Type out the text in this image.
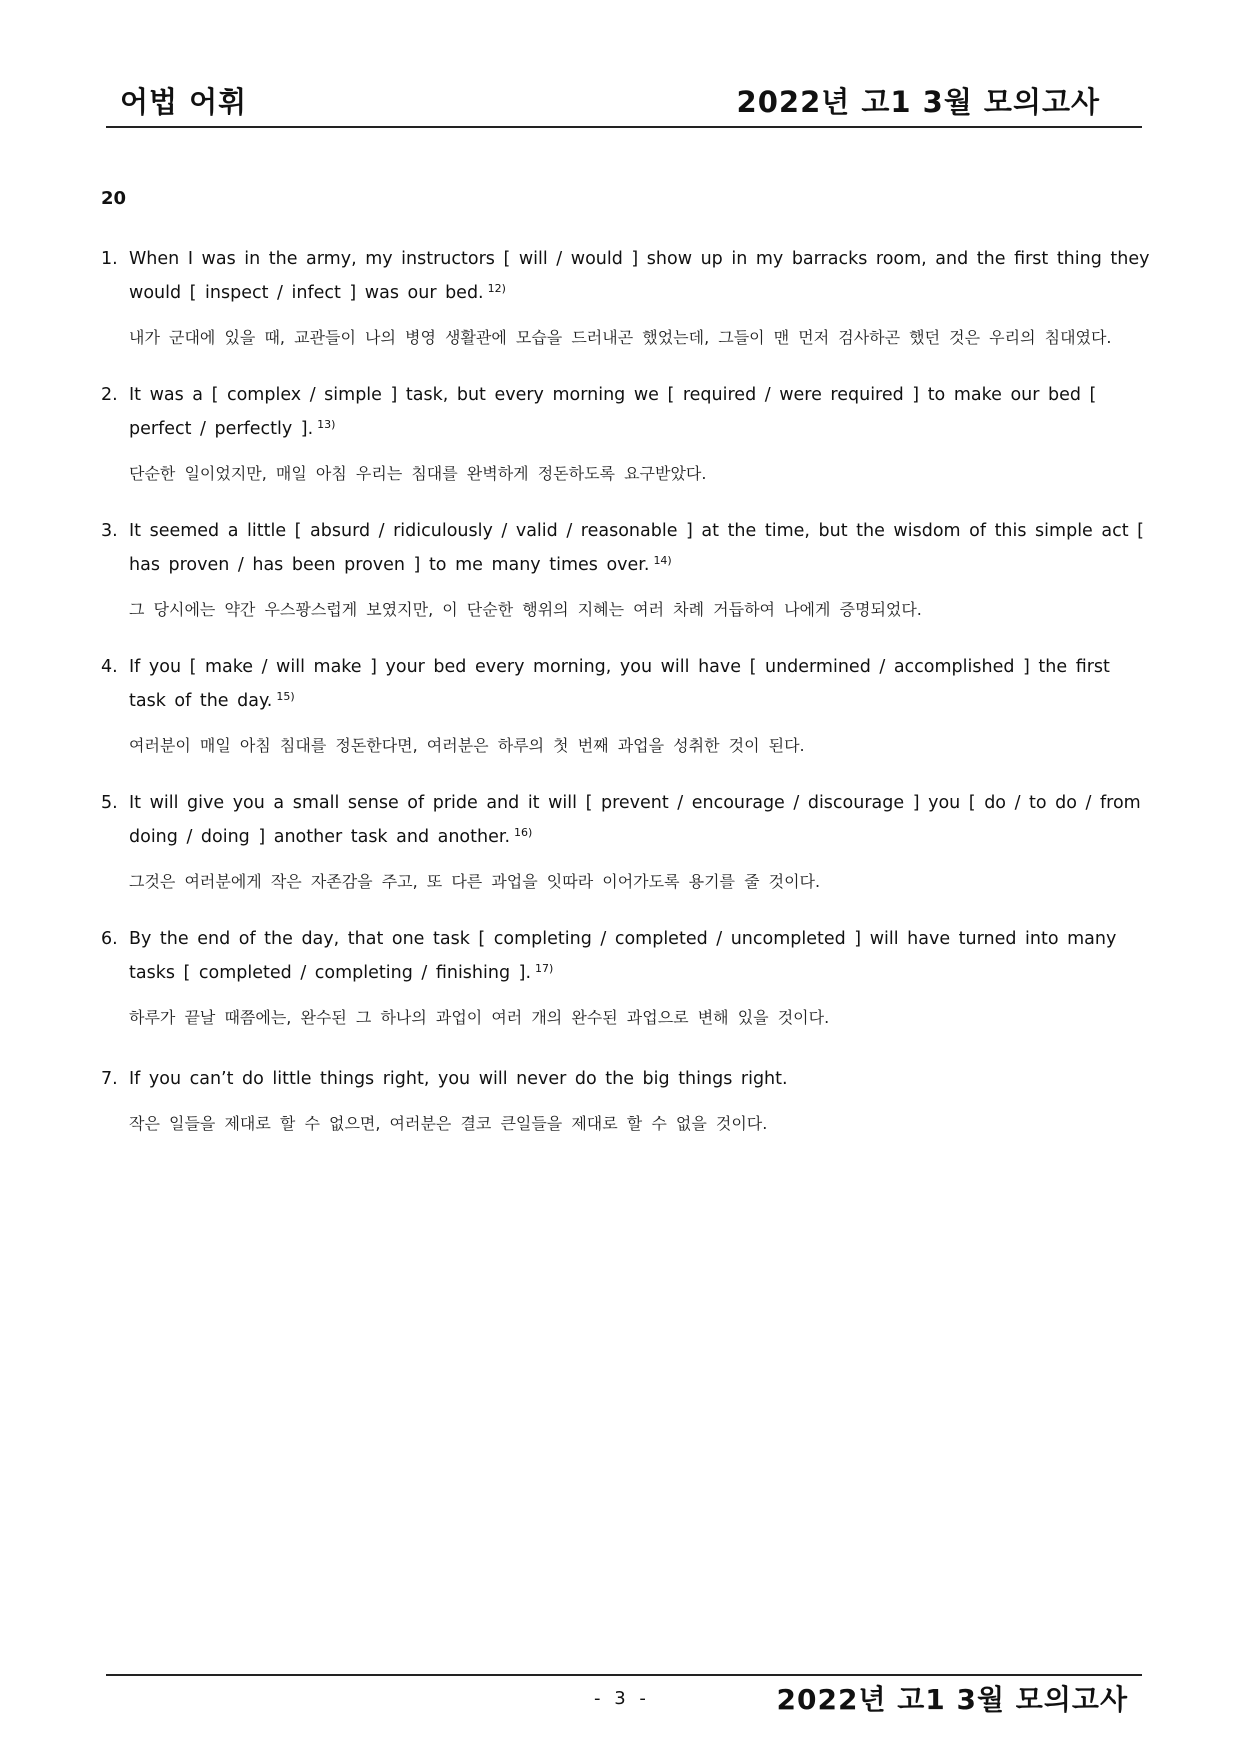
어법 어휘	2022년 고1 3월 모의고사
20
1. When I was in the army, my instructors [ will / would ] show up in my barracks room, and the first thing they would [ inspect / infect ] was our bed. $^{12)}$
내가 군대에 있을 때, 교관들이 나의 병영 생활관에 모습을 드러내곤 했었는데, 그들이 맨 먼저 검사하곤 했던 것은 우리의 침대였다.
2. It was a [ complex / simple ] task, but every morning we [ required / were required ] to make our bed [ perfect / perfectly ]. $^{13)}$
단순한 일이었지만, 매일 아침 우리는 침대를 완벽하게 정돈하도록 요구받았다.
3. It seemed a little [ absurd / ridiculously / valid / reasonable ] at the time, but the wisdom of this simple act [ has proven / has been proven ] to me many times over. $^{14)}$
그 당시에는 약간 우스꽝스럽게 보였지만, 이 단순한 행위의 지혜는 여러 차례 거듭하여 나에게 증명되었다.
4. If you [ make / will make ] your bed every morning, you will have [ undermined / accomplished ] the first task of the day. $^{15)}$
여러분이 매일 아침 침대를 정돈한다면, 여러분은 하루의 첫 번째 과업을 성취한 것이 된다.
5. It will give you a small sense of pride and it will [ prevent / encourage / discourage ] you [ do / to do / from doing / doing ] another task and another. $^{16)}$
그것은 여러분에게 작은 자존감을 주고, 또 다른 과업을 잇따라 이어가도록 용기를 줄 것이다.
6. By the end of the day, that one task [ completing / completed / uncompleted ] will have turned into many tasks [ completed / completing / finishing ]. $^{17)}$
하루가 끝날 때쯤에는, 완수된 그 하나의 과업이 여러 개의 완수된 과업으로 변해 있을 것이다.
7. If you can’t do little things right, you will never do the big things right.
작은 일들을 제대로 할 수 없으면, 여러분은 결코 큰일들을 제대로 할 수 없을 것이다.
- 3 -	2022년 고1 3월 모의고사
